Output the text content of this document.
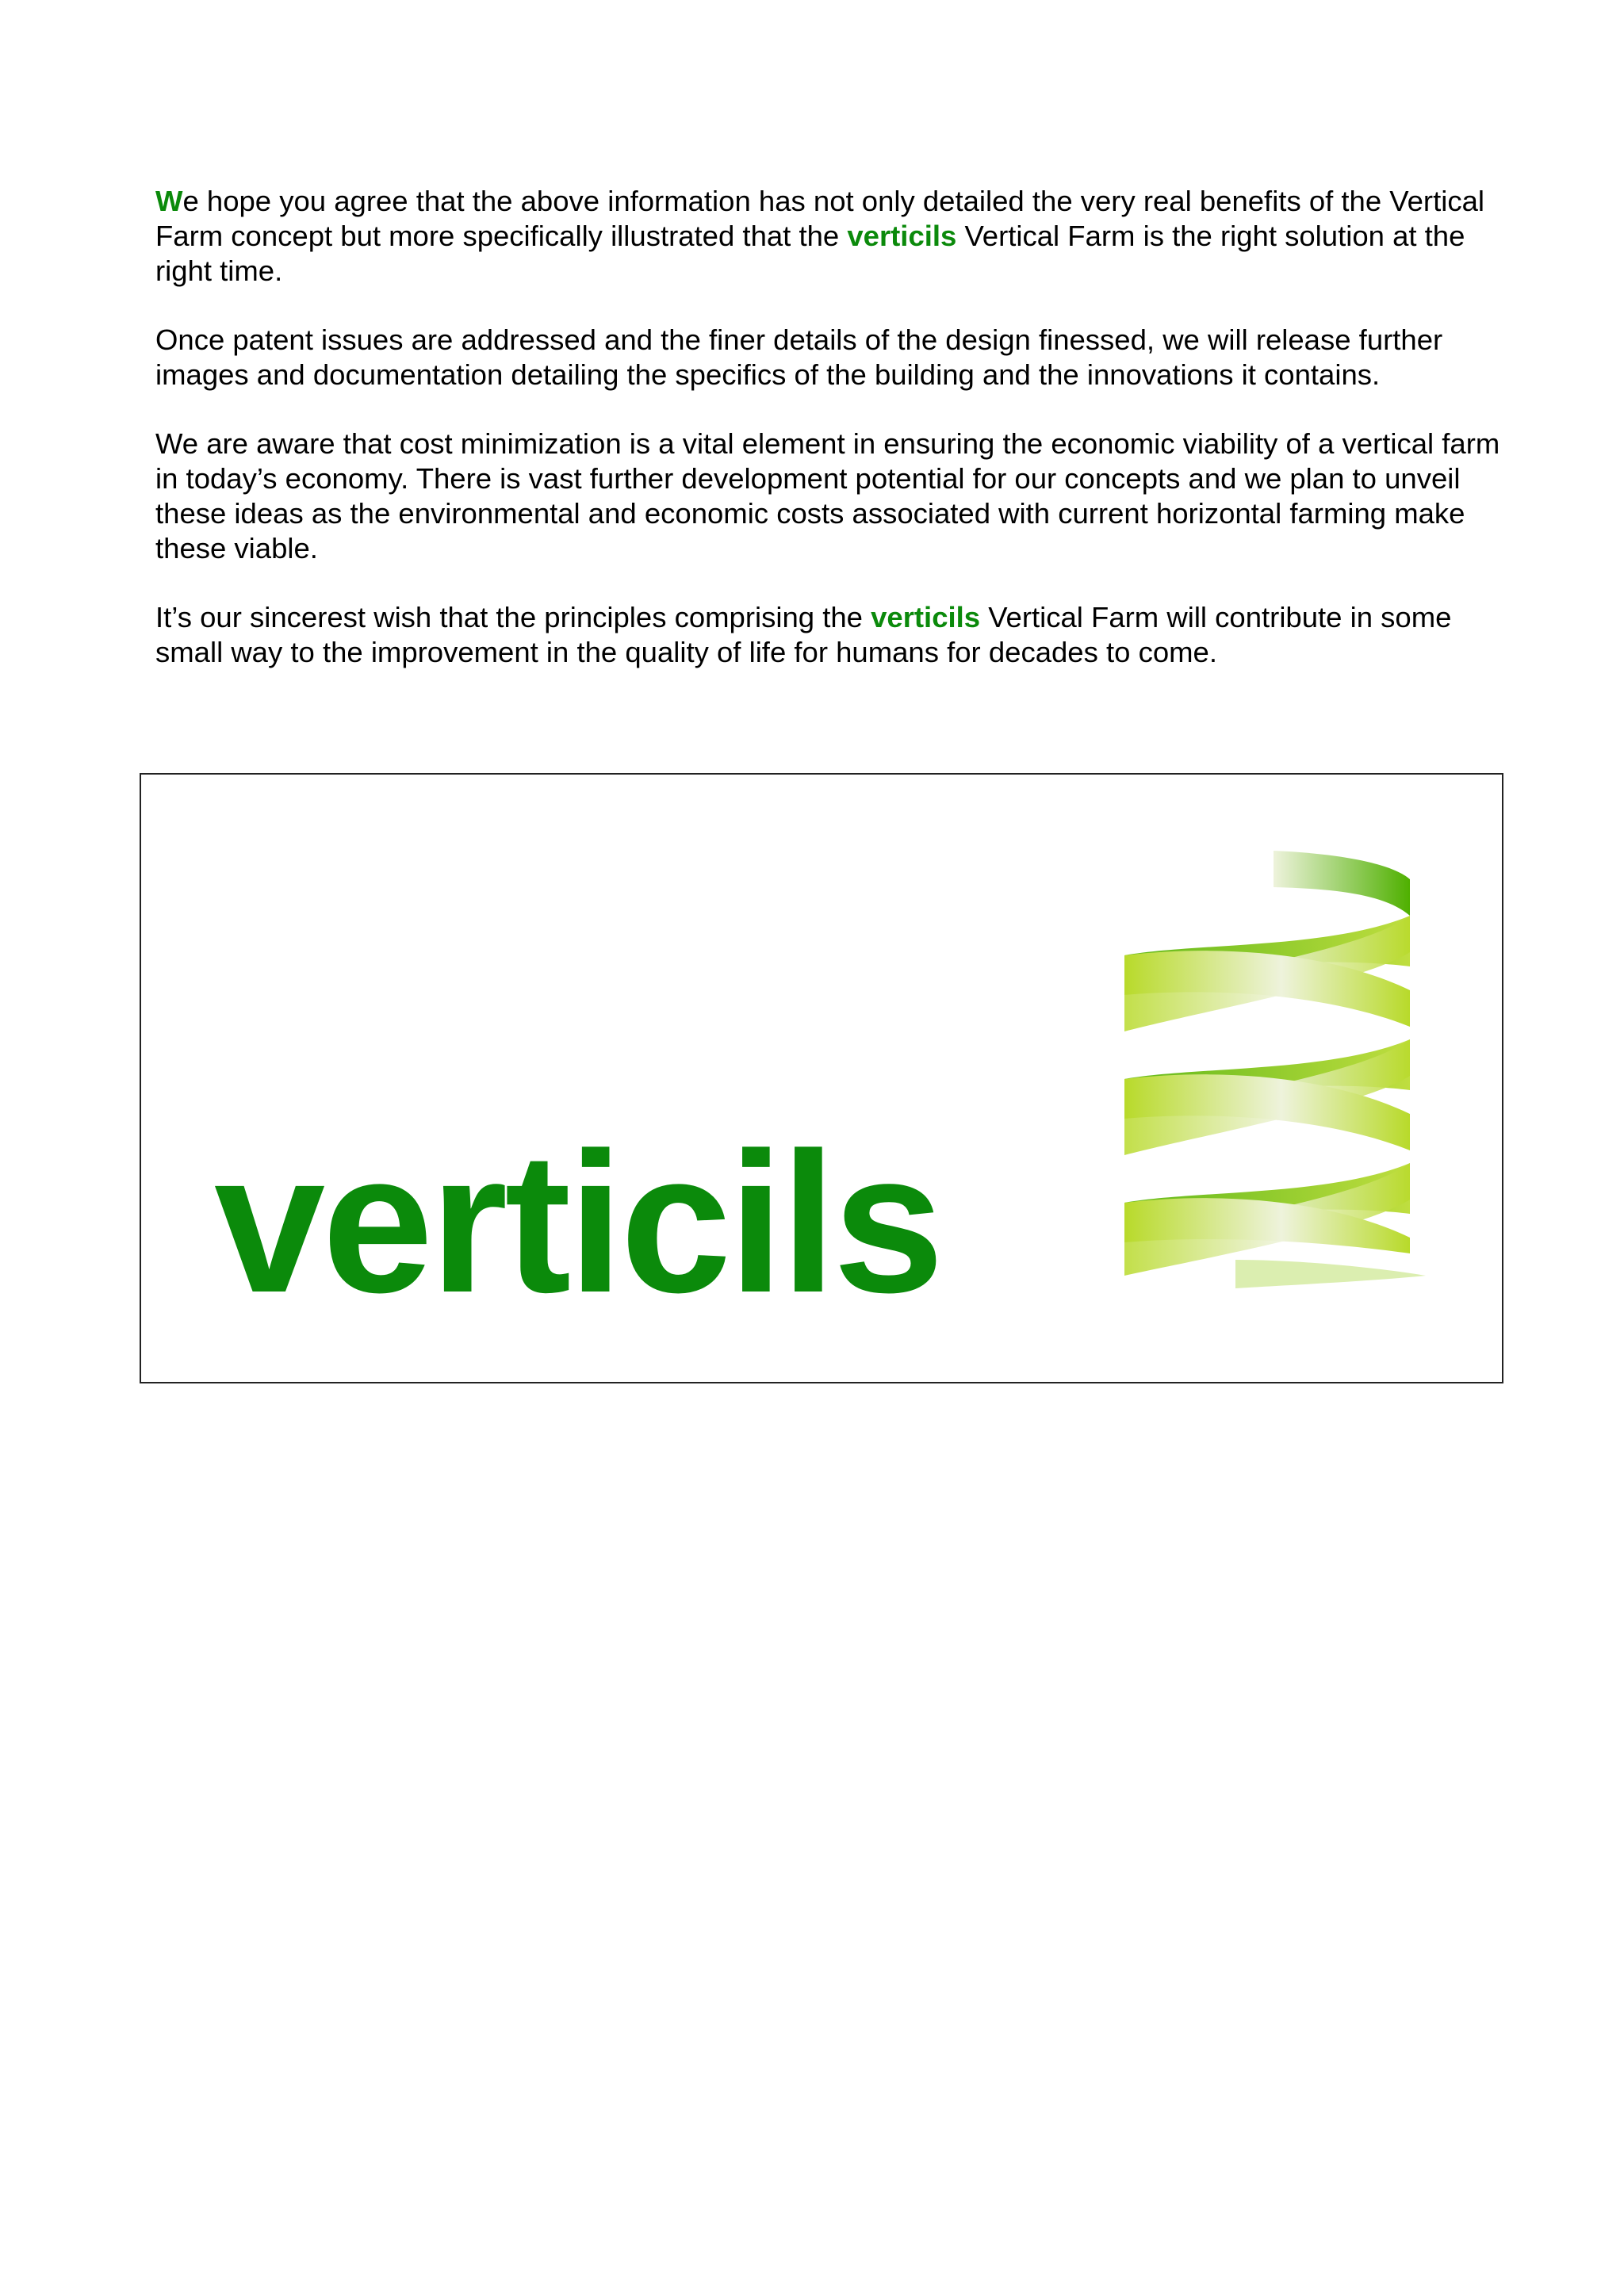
We hope you agree that the above information has not only detailed the very real benefits of the Vertical Farm concept but more specifically illustrated that the verticils Vertical Farm is the right solution at the right time.

Once patent issues are addressed and the finer details of the design finessed, we will release further images and documentation detailing the specifics of the building and the innovations it contains.

We are aware that cost minimization is a vital element in ensuring the economic viability of a vertical farm in today’s economy. There is vast further development potential for our concepts and we plan to unveil these ideas as the environmental and economic costs associated with current horizontal farming make these viable.

It’s our sincerest wish that the principles comprising the verticils Vertical Farm will contribute in some small way to the improvement in the quality of life for humans for decades to come.

verticils
